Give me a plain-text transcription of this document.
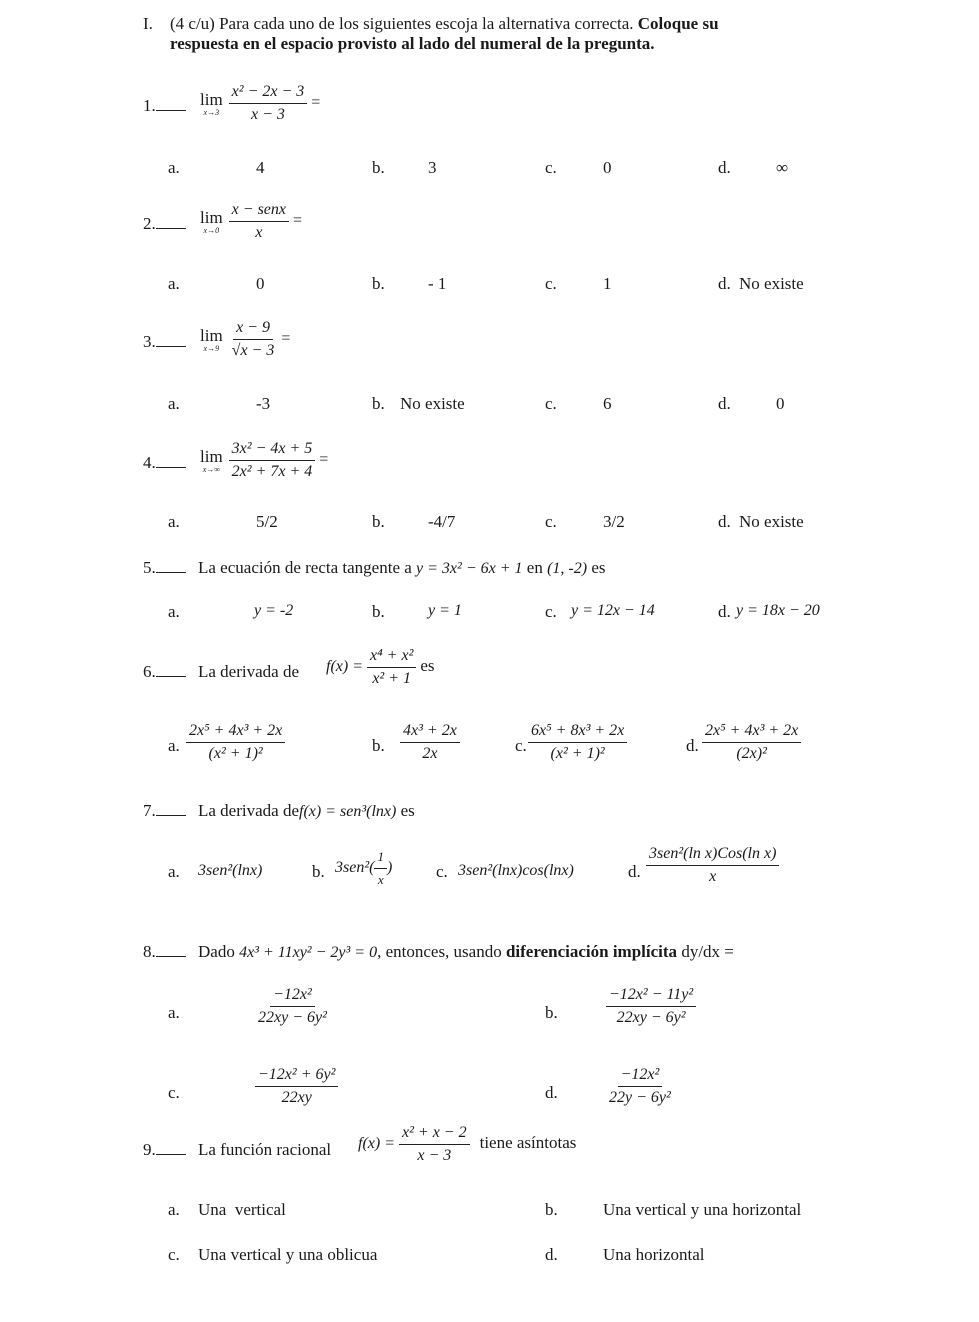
I. (4 c/u) Para cada uno de los siguientes escoja la alternativa correcta. Coloque su
respuesta en el espacio provisto al lado del numeral de la pregunta.
1.	lim
x→3
$\frac{\text{x² − 2x − 3}}{x - 3}$ =
a.	4	b.	3	c.	0	d.	∞
2.	lim
x→0
$\frac{\text{x − senx}}{x}$ =
a.	0	b.	- 1	c.	1	d. No existe
3.	lim
x→9
$\frac{x - 9}{√x - 3}$ =
a.	-3	b. No existe	c.	6	d.	0
4.	lim
x→∞
$\frac{\text{3x² − 4x + 5}}{\text{2x² + 7x + 4}}$ =
a.	5/2	b.	-4/7	c.	3/2	d. No existe
5.	La ecuación de recta tangente a y = 3x² − 6x + 1 en (1, -2) es
a.	y = -2	b.	y = 1	c. y = 12x − 14	d. y = 18x − 20
6.	La derivada de $f(x) = \frac{\text{x⁴ + x²}}{\text{x² + 1}}$ es
a. $\frac{\text{2x⁵ + 4x³ + 2x}}{\text{(x² + 1)²}}$	b. $\frac{\text{4x³ + 2x}}{2x}$	c. $\frac{\text{6x⁵ + 8x³ + 2x}}{\text{(x² + 1)²}}$	d. $\frac{\text{2x⁵ + 4x³ + 2x}}{\text{(2x)²}}$
7.	La derivada def(x) = sen³(lnx) es
a. 3sen²(lnx)	b. $3sen^2( \frac{1}{x}$ )	c. 3sen²(lnx)cos(lnx)	d. $\frac{\text{3sen²(ln x)Cos(ln x)}}{x}$
8.	Dado 4x³ + 11xy² − 2y³ = 0, entonces, usando diferenciación implícita dy/dx =
a.	$\frac{\text{−12x²}}{\text{22xy − 6y²}}$	b.	$\frac{\text{−12x² − 11y²}}{\text{22xy − 6y²}}$
c.	$\frac{\text{−12x² + 6y²}}{22xy}$	d.	$\frac{\text{−12x²}}{\text{22y − 6y²}}$
9.	La función racional $f(x) = \frac{\text{x² + x − 2}}{x - 3}$ tiene asíntotas
a. Una  vertical	b.	Una vertical y una horizontal
c. Una vertical y una oblicua	d.	Una horizontal
